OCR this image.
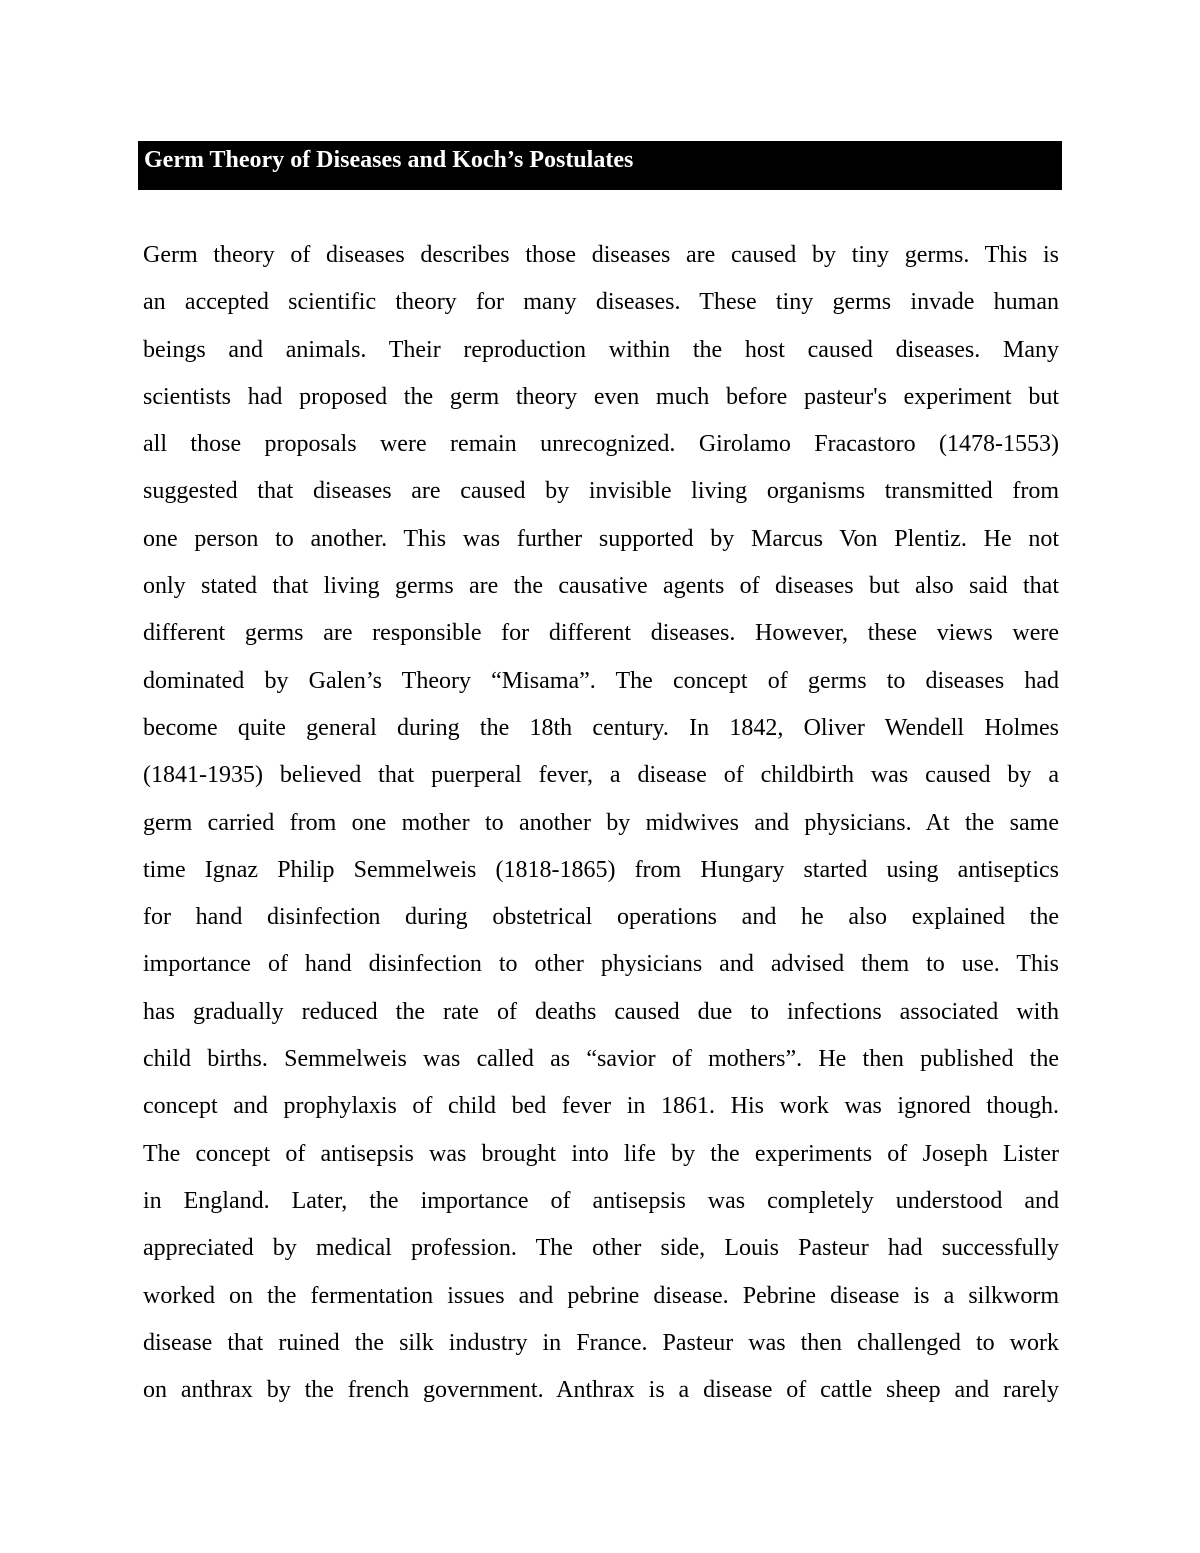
Germ Theory of Diseases and Koch’s Postulates
Germ theory of diseases describes those diseases are caused by tiny germs. This is
an accepted scientific theory for many diseases. These tiny germs invade human
beings and animals. Their reproduction within the host caused diseases. Many
scientists had proposed the germ theory even much before pasteur's experiment but
all those proposals were remain unrecognized. Girolamo Fracastoro (1478-1553)
suggested that diseases are caused by invisible living organisms transmitted from
one person to another. This was further supported by Marcus Von Plentiz. He not
only stated that living germs are the causative agents of diseases but also said that
different germs are responsible for different diseases. However, these views were
dominated by Galen’s Theory “Misama”. The concept of germs to diseases had
become quite general during the 18th century. In 1842, Oliver Wendell Holmes
(1841-1935) believed that puerperal fever, a disease of childbirth was caused by a
germ carried from one mother to another by midwives and physicians. At the same
time Ignaz Philip Semmelweis (1818-1865) from Hungary started using antiseptics
for hand disinfection during obstetrical operations and he also explained the
importance of hand disinfection to other physicians and advised them to use. This
has gradually reduced the rate of deaths caused due to infections associated with
child births. Semmelweis was called as “savior of mothers”. He then published the
concept and prophylaxis of child bed fever in 1861. His work was ignored though.
The concept of antisepsis was brought into life by the experiments of Joseph Lister
in England. Later, the importance of antisepsis was completely understood and
appreciated by medical profession. The other side, Louis Pasteur had successfully
worked on the fermentation issues and pebrine disease. Pebrine disease is a silkworm
disease that ruined the silk industry in France. Pasteur was then challenged to work
on anthrax by the french government. Anthrax is a disease of cattle sheep and rarely
